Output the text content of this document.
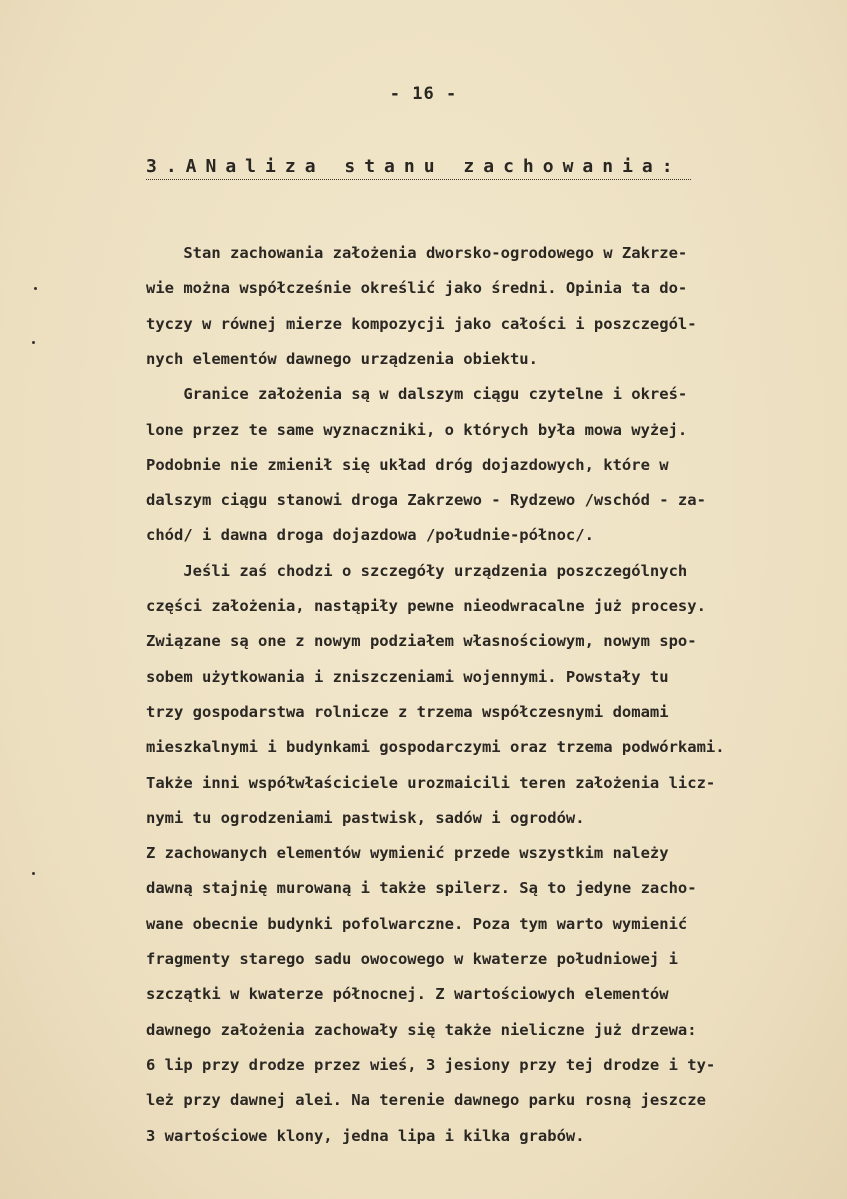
- 16 -
3.ANaliza stanu zachowania:
Stan zachowania założenia dworsko-ogrodowego w Zakrze-
wie można współcześnie określić jako średni. Opinia ta do-
tyczy w równej mierze kompozycji jako całości i poszczegól-
nych elementów dawnego urządzenia obiektu.
Granice założenia są w dalszym ciągu czytelne i okreś-
lone przez te same wyznaczniki, o których była mowa wyżej.
Podobnie nie zmienił się układ dróg dojazdowych, które w
dalszym ciągu stanowi droga Zakrzewo - Rydzewo /wschód - za-
chód/ i dawna droga dojazdowa /południe-północ/.
Jeśli zaś chodzi o szczegóły urządzenia poszczególnych
części założenia, nastąpiły pewne nieodwracalne już procesy.
Związane są one z nowym podziałem własnościowym, nowym spo-
sobem użytkowania i zniszczeniami wojennymi. Powstały tu
trzy gospodarstwa rolnicze z trzema współczesnymi domami
mieszkalnymi i budynkami gospodarczymi oraz trzema podwórkami.
Także inni współwłaściciele urozmaicili teren założenia licz-
nymi tu ogrodzeniami pastwisk, sadów i ogrodów.
Z zachowanych elementów wymienić przede wszystkim należy
dawną stajnię murowaną i także spilerz. Są to jedyne zacho-
wane obecnie budynki pofolwarczne. Poza tym warto wymienić
fragmenty starego sadu owocowego w kwaterze południowej i
szczątki w kwaterze północnej. Z wartościowych elementów
dawnego założenia zachowały się także nieliczne już drzewa:
6 lip przy drodze przez wieś, 3 jesiony przy tej drodze i ty-
leż przy dawnej alei. Na terenie dawnego parku rosną jeszcze
3 wartościowe klony, jedna lipa i kilka grabów.
